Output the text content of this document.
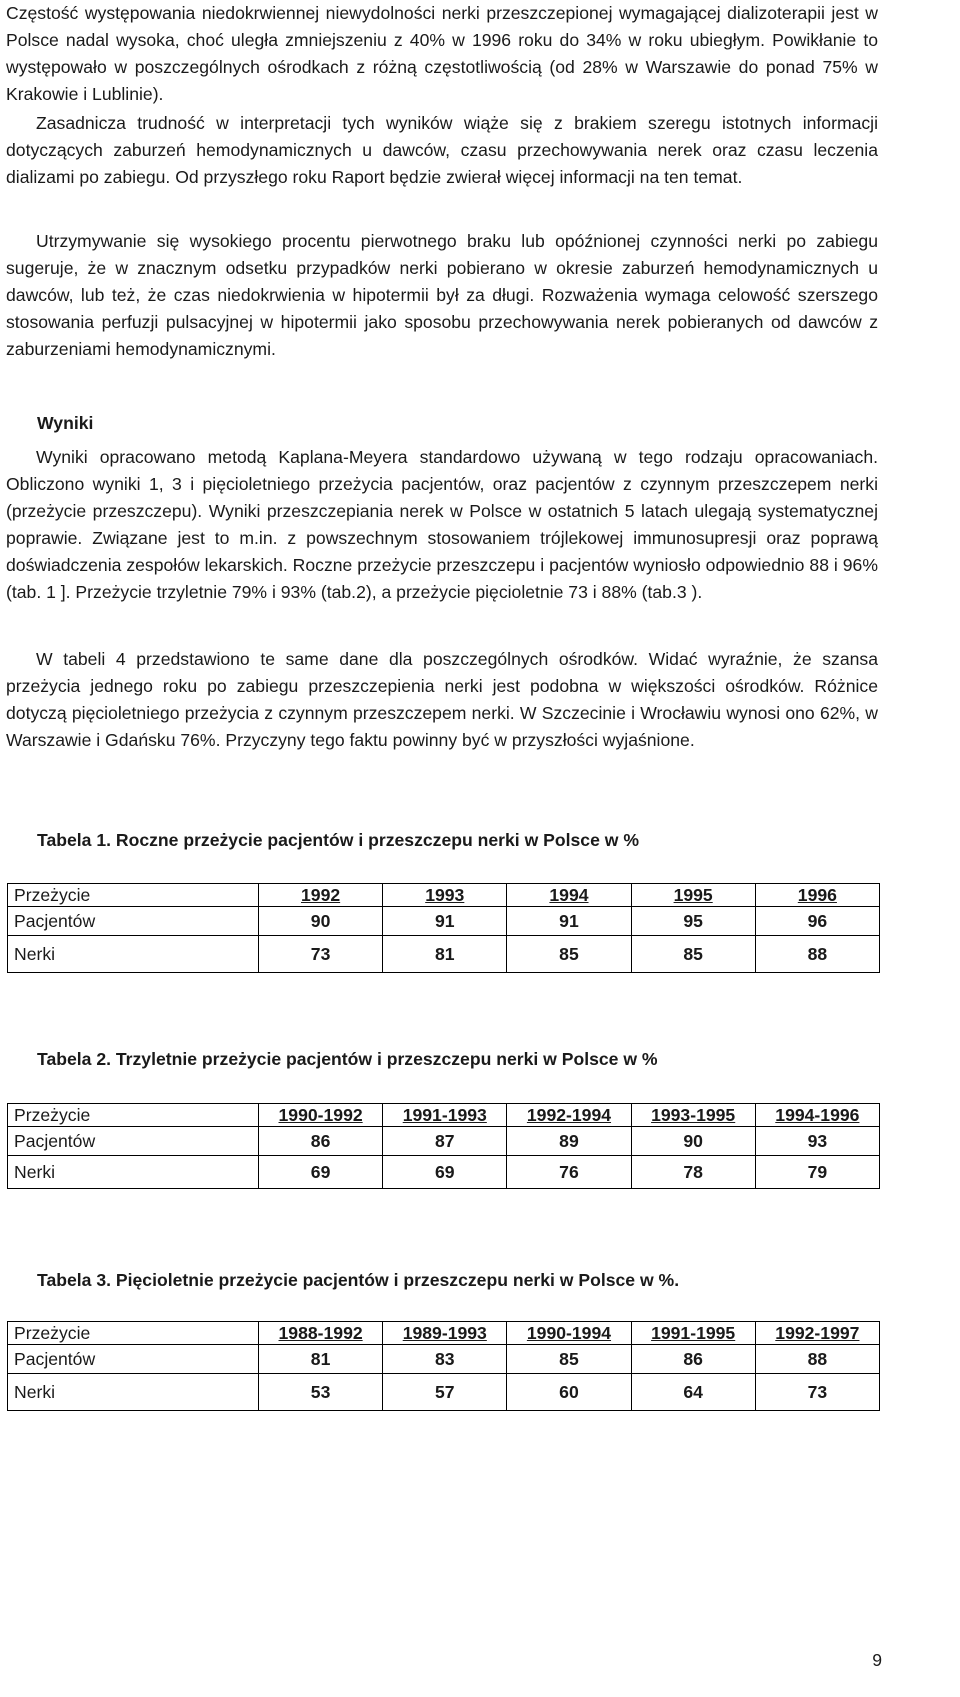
Częstość występowania niedokrwiennej niewydolności nerki przeszczepionej wymagającej dializoterapii jest w Polsce nadal wysoka, choć uległa zmniejszeniu z 40% w 1996 roku do 34% w roku ubiegłym. Powikłanie to występowało w poszczególnych ośrodkach z różną częstotliwością (od 28% w Warszawie do ponad 75% w Krakowie i Lublinie).

Zasadnicza trudność w interpretacji tych wyników wiąże się z brakiem szeregu istotnych informacji dotyczących zaburzeń hemodynamicznych u dawców, czasu przechowywania nerek oraz czasu leczenia dializami po zabiegu. Od przyszłego roku Raport będzie zwierał więcej informacji na ten temat.

Utrzymywanie się wysokiego procentu pierwotnego braku lub opóźnionej czynności nerki po zabiegu sugeruje, że w znacznym odsetku przypadków nerki pobierano w okresie zaburzeń hemodynamicznych u dawców, lub też, że czas niedokrwienia w hipotermii był za długi. Rozważenia wymaga celowość szerszego stosowania perfuzji pulsacyjnej w hipotermii jako sposobu przechowywania nerek pobieranych od dawców z zaburzeniami hemodynamicznymi.

Wyniki

Wyniki opracowano metodą Kaplana-Meyera standardowo używaną w tego rodzaju opracowaniach. Obliczono wyniki 1, 3 i pięcioletniego przeżycia pacjentów, oraz pacjentów z czynnym przeszczepem nerki (przeżycie przeszczepu). Wyniki przeszczepiania nerek w Polsce w ostatnich 5 latach ulegają systematycznej poprawie. Związane jest to m.in. z powszechnym stosowaniem trójlekowej immunosupresji oraz poprawą doświadczenia zespołów lekarskich. Roczne przeżycie przeszczepu i pacjentów wyniosło odpowiednio 88 i 96% (tab. 1 ]. Przeżycie trzyletnie 79% i 93% (tab.2), a przeżycie pięcioletnie 73 i 88% (tab.3 ).

W tabeli 4 przedstawiono te same dane dla poszczególnych ośrodków. Widać wyraźnie, że szansa przeżycia jednego roku po zabiegu przeszczepienia nerki jest podobna w większości ośrodków. Różnice dotyczą pięcioletniego przeżycia z czynnym przeszczepem nerki. W Szczecinie i Wrocławiu wynosi ono 62%, w Warszawie i Gdańsku 76%. Przyczyny tego faktu powinny być w przyszłości wyjaśnione.

Tabela 1. Roczne przeżycie pacjentów i przeszczepu nerki w Polsce w %

Przeżycie	1992	1993	1994	1995	1996
Pacjentów	90	91	91	95	96
Nerki	73	81	85	85	88

Tabela 2. Trzyletnie przeżycie pacjentów i przeszczepu nerki w Polsce w %

Przeżycie	1990-1992	1991-1993	1992-1994	1993-1995	1994-1996
Pacjentów	86	87	89	90	93
Nerki	69	69	76	78	79

Tabela 3. Pięcioletnie przeżycie pacjentów i przeszczepu nerki w Polsce w %.

Przeżycie	1988-1992	1989-1993	1990-1994	1991-1995	1992-1997
Pacjentów	81	83	85	86	88
Nerki	53	57	60	64	73

9
